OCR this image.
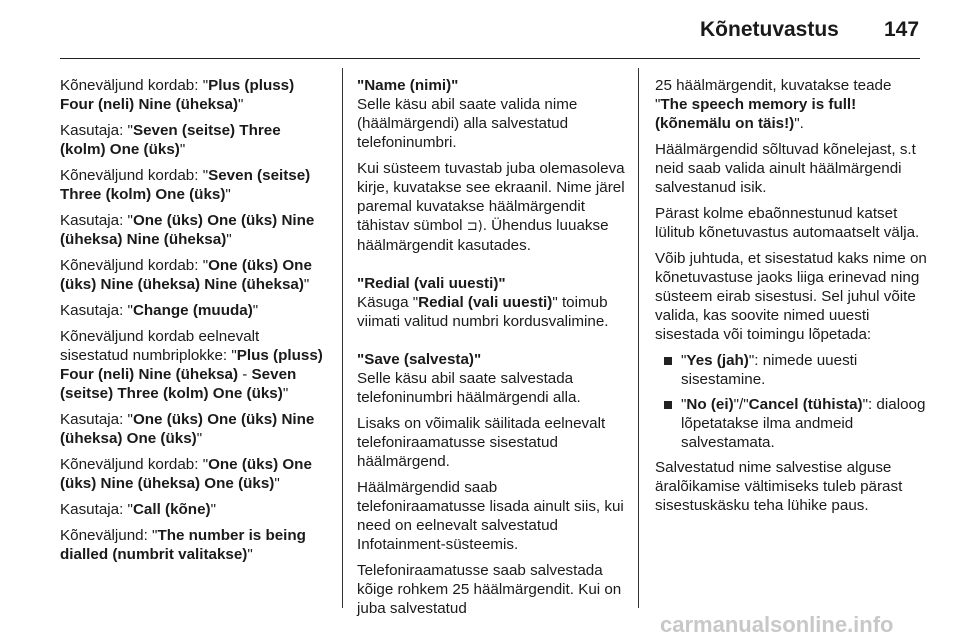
Kõnetuvastus 147

Kõneväljund kordab: "Plus (pluss) Four (neli) Nine (üheksa)"

Kasutaja: "Seven (seitse) Three (kolm) One (üks)"

Kõneväljund kordab: "Seven (seitse) Three (kolm) One (üks)"

Kasutaja: "One (üks) One (üks) Nine (üheksa) Nine (üheksa)"

Kõneväljund kordab: "One (üks) One (üks) Nine (üheksa) Nine (üheksa)"

Kasutaja: "Change (muuda)"

Kõneväljund kordab eelnevalt sisestatud numbriplokke: "Plus (pluss) Four (neli) Nine (üheksa) - Seven (seitse) Three (kolm) One (üks)"

Kasutaja: "One (üks) One (üks) Nine (üheksa) One (üks)"

Kõneväljund kordab: "One (üks) One (üks) Nine (üheksa) One (üks)"

Kasutaja: "Call (kõne)"

Kõneväljund: "The number is being dialled (numbrit valitakse)"

"Name (nimi)"

Selle käsu abil saate valida nime (häälmärgendi) alla salvestatud telefoninumbri.

Kui süsteem tuvastab juba olemasoleva kirje, kuvatakse see ekraanil. Nime järel paremal kuvatakse häälmärgendit tähistav sümbol ⊐). Ühendus luuakse häälmärgendit kasutades.

"Redial (vali uuesti)"

Käsuga "Redial (vali uuesti)" toimub viimati valitud numbri kordusvalimine.

"Save (salvesta)"

Selle käsu abil saate salvestada telefoninumbri häälmärgendi alla.

Lisaks on võimalik säilitada eelnevalt telefoniraamatusse sisestatud häälmärgend.

Häälmärgendid saab telefoniraamatusse lisada ainult siis, kui need on eelnevalt salvestatud Infotainment-süsteemis.

Telefoniraamatusse saab salvestada kõige rohkem 25 häälmärgendit. Kui on juba salvestatud

25 häälmärgendit, kuvatakse teade "The speech memory is full! (kõnemälu on täis!)".

Häälmärgendid sõltuvad kõnelejast, s.t neid saab valida ainult häälmärgendi salvestanud isik.

Pärast kolme ebaõnnestunud katset lülitub kõnetuvastus automaatselt välja.

Võib juhtuda, et sisestatud kaks nime on kõnetuvastuse jaoks liiga erinevad ning süsteem eirab sisestusi. Sel juhul võite valida, kas soovite nimed uuesti sisestada või toimingu lõpetada:

"Yes (jah)": nimede uuesti sisestamine.
"No (ei)"/"Cancel (tühista)": dialoog lõpetatakse ilma andmeid salvestamata.

Salvestatud nime salvestise alguse äralõikamise vältimiseks tuleb pärast sisestuskäsku teha lühike paus.

carmanualsonline.info
